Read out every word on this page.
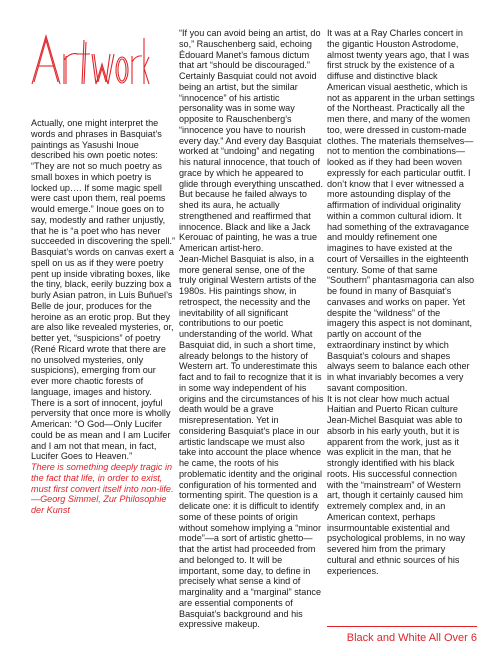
Actually, one might interpret the words and phrases in Basquiat’s paintings as Yasushi Inoue described his own poetic notes: “They are not so much poetry as small boxes in which poetry is locked up…. If some magic spell were cast upon them, real poems would emerge.” Inoue goes on to say, modestly and rather unjustly, that he is “a poet who has never succeeded in discovering the spell.” Basquiat’s words on canvas exert a spell on us as if they were poetry pent up inside vibrating boxes, like the tiny, black, eerily buzzing box a burly Asian patron, in Luis Buñuel’s Belle de jour, produces for the heroine as an erotic prop. But they are also like revealed mysteries, or, better yet, “suspicions” of poetry (René Ricard wrote that there are no unsolved mysteries, only suspicions), emerging from our ever more chaotic forests of language, images and history. There is a sort of innocent, joyful perversity that once more is wholly American: “O God—Only Lucifer could be as mean and I am Lucifer and I am not that mean, in fact, Lucifer Goes to Heaven.”

There is something deeply tragic in the fact that life, in order to exist, must first convert itself into non-life. —Georg Simmel, Zur Philosophie der Kunst

“If you can avoid being an artist, do so,” Rauschenberg said, echoing Édouard Manet’s famous dictum that art “should be discouraged.” Certainly Basquiat could not avoid being an artist, but the similar “innocence” of his artistic personality was in some way opposite to Rauschenberg’s “innocence you have to nourish every day.” And every day Basquiat worked at “undoing” and negating his natural innocence, that touch of grace by which he appeared to glide through everything unscathed. But because he failed always to shed its aura, he actually strengthened and reaffirmed that innocence. Black and like a Jack Kerouac of painting, he was a true American artist-hero.

Jean-Michel Basquiat is also, in a more general sense, one of the truly original Western artists of the 1980s. His paintings show, in retrospect, the necessity and the inevitability of all significant contributions to our poetic understanding of the world. What Basquiat did, in such a short time, already belongs to the history of Western art. To underestimate this fact and to fail to recognize that it is in some way independent of his origins and the circumstances of his death would be a grave misrepresentation. Yet in considering Basquiat’s place in our artistic landscape we must also take into account the place whence he came, the roots of his problematic identity and the original configuration of his tormented and tormenting spirit. The question is a delicate one: it is difficult to identify some of these points of origin without somehow implying a “minor mode”—a sort of artistic ghetto—that the artist had proceeded from and belonged to. It will be important, some day, to define in precisely what sense a kind of marginality and a “marginal” stance are essential components of Basquiat’s background and his expressive makeup.

It was at a Ray Charles concert in the gigantic Houston Astrodome, almost twenty years ago, that I was first struck by the existence of a diffuse and distinctive black American visual aesthetic, which is not as apparent in the urban settings of the Northeast. Practically all the men there, and many of the women too, were dressed in custom-made clothes. The materials themselves—not to mention the combinations—looked as if they had been woven expressly for each particular outfit. I don’t know that I ever witnessed a more astounding display of the affirmation of individual originality within a common cultural idiom. It had something of the extravagance and mouldy refinement one imagines to have existed at the court of Versailles in the eighteenth century. Some of that same “Southern” phantasmagoria can also be found in many of Basquiat’s canvases and works on paper. Yet despite the “wildness” of the imagery this aspect is not dominant, partly on account of the extraordinary instinct by which Basquiat’s colours and shapes always seem to balance each other in what invariably becomes a very savant composition.

It is not clear how much actual Haitian and Puerto Rican culture Jean-Michel Basquiat was able to absorb in his early youth, but it is apparent from the work, just as it was explicit in the man, that he strongly identified with his black roots. His successful connection with the “mainstream” of Western art, though it certainly caused him extremely complex and, in an American context, perhaps insurmountable existential and psychological problems, in no way severed him from the primary cultural and ethnic sources of his experiences.

Black and White All Over 6
